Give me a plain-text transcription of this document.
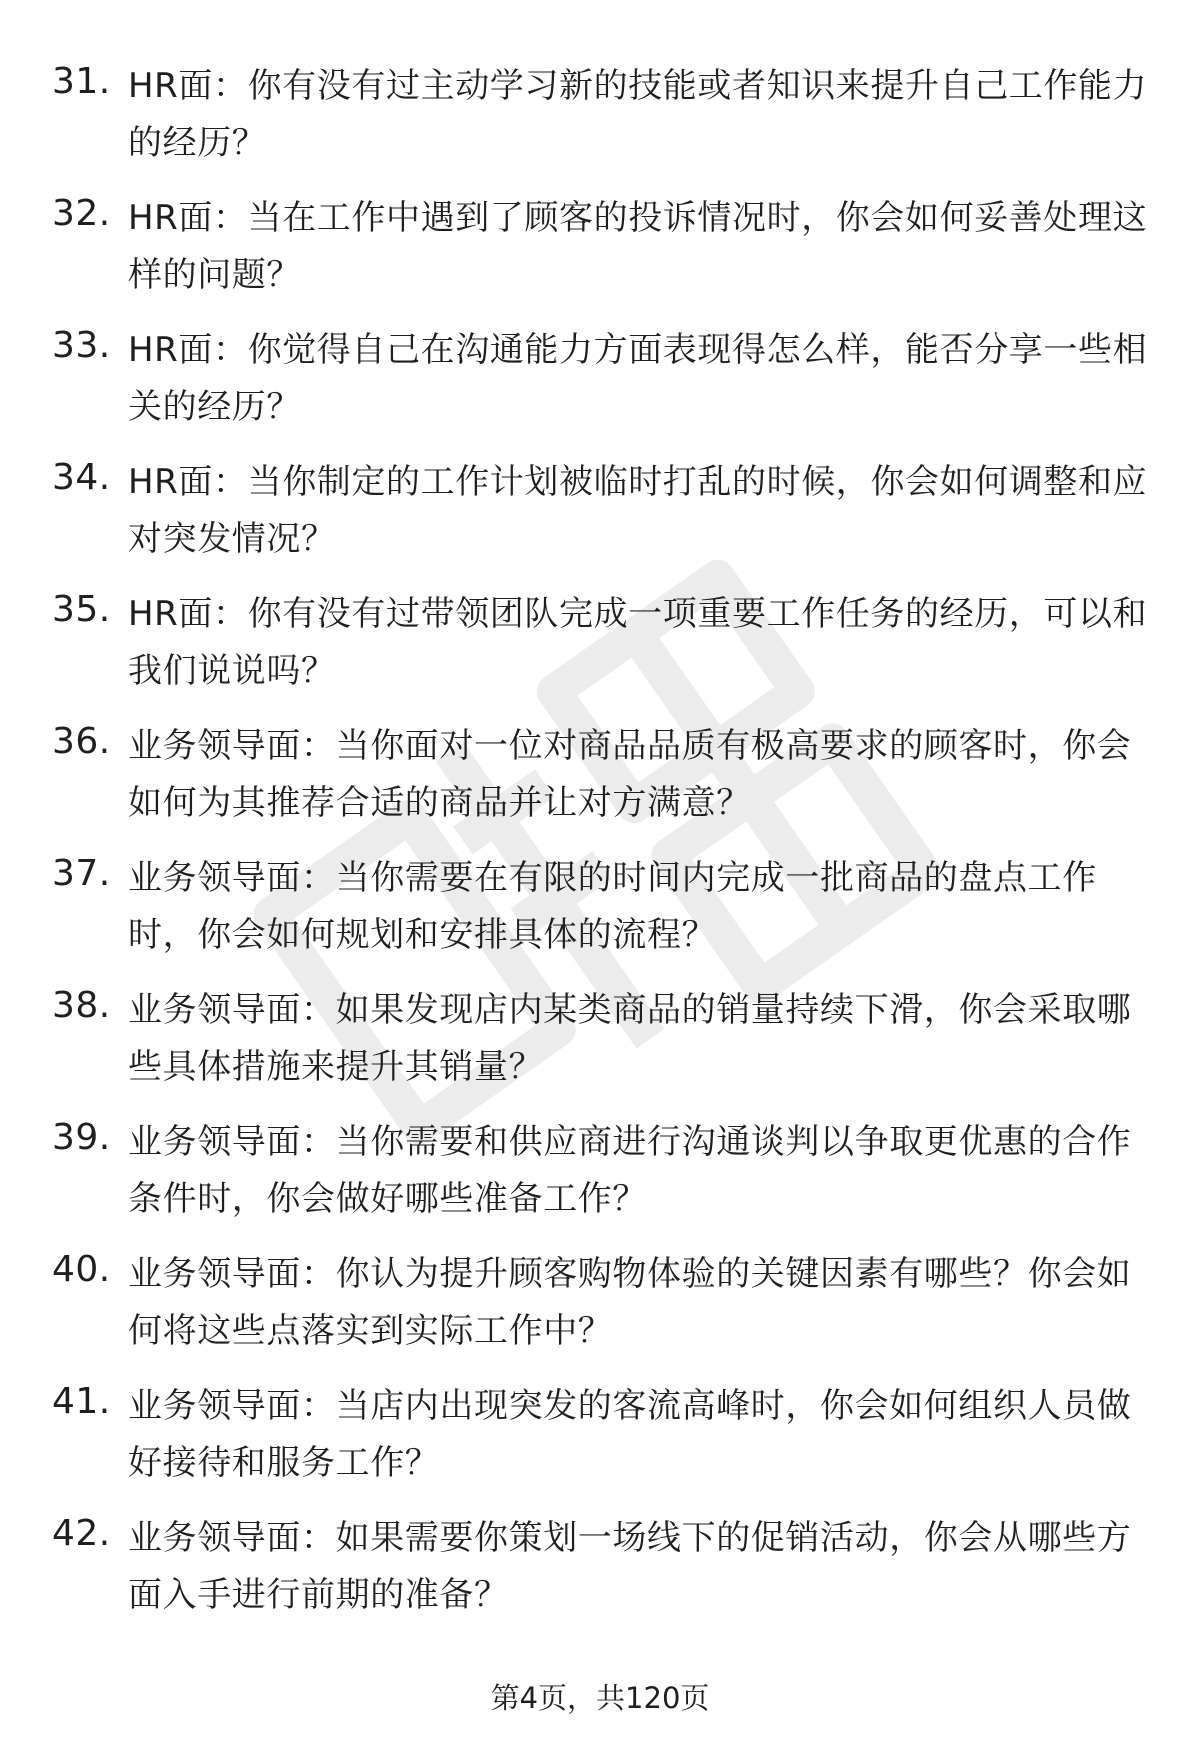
31. HR面：你有没有过主动学习新的技能或者知识来提升自己工作能力的经历？
32. HR面：当在工作中遇到了顾客的投诉情况时，你会如何妥善处理这样的问题？
33. HR面：你觉得自己在沟通能力方面表现得怎么样，能否分享一些相关的经历？
34. HR面：当你制定的工作计划被临时打乱的时候，你会如何调整和应对突发情况？
35. HR面：你有没有过带领团队完成一项重要工作任务的经历，可以和我们说说吗？
36. 业务领导面：当你面对一位对商品品质有极高要求的顾客时，你会如何为其推荐合适的商品并让对方满意？
37. 业务领导面：当你需要在有限的时间内完成一批商品的盘点工作时，你会如何规划和安排具体的流程？
38. 业务领导面：如果发现店内某类商品的销量持续下滑，你会采取哪些具体措施来提升其销量？
39. 业务领导面：当你需要和供应商进行沟通谈判以争取更优惠的合作条件时，你会做好哪些准备工作？
40. 业务领导面：你认为提升顾客购物体验的关键因素有哪些？你会如何将这些点落实到实际工作中？
41. 业务领导面：当店内出现突发的客流高峰时，你会如何组织人员做好接待和服务工作？
42. 业务领导面：如果需要你策划一场线下的促销活动，你会从哪些方面入手进行前期的准备？
第4页，共120页
